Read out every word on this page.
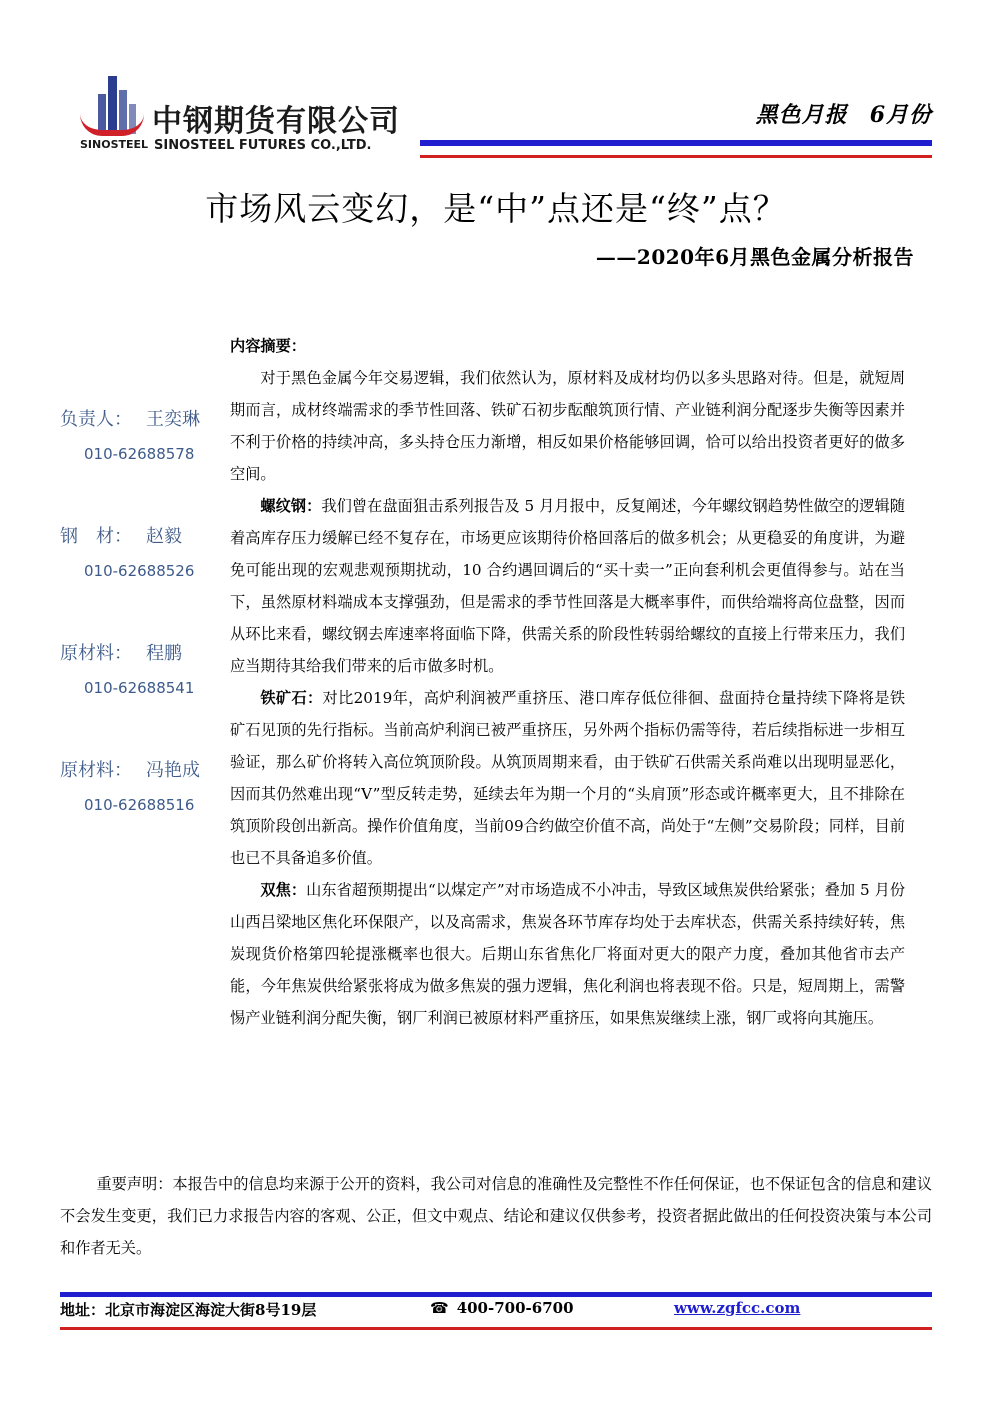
中钢期货有限公司
SINOSTEEL SINOSTEEL FUTURES CO.,LTD.
黑色月报 6月份
市场风云变幻，是“中”点还是“终”点？
——2020年6月黑色金属分析报告
负责人： 王奕琳
010-62688578
钢　材： 赵毅
010-62688526
原材料： 程鹏
010-62688541
原材料： 冯艳成
010-62688516

内容摘要：

对于黑色金属今年交易逻辑，我们依然认为，原材料及成材均仍以多头思路对待。但是，就短周期而言，成材终端需求的季节性回落、铁矿石初步酝酿筑顶行情、产业链利润分配逐步失衡等因素并不利于价格的持续冲高，多头持仓压力渐增，相反如果价格能够回调，恰可以给出投资者更好的做多空间。

螺纹钢：我们曾在盘面狙击系列报告及 5 月月报中，反复阐述，今年螺纹钢趋势性做空的逻辑随着高库存压力缓解已经不复存在，市场更应该期待价格回落后的做多机会；从更稳妥的角度讲，为避免可能出现的宏观悲观预期扰动，10 合约遇回调后的“买十卖一”正向套利机会更值得参与。站在当下，虽然原材料端成本支撑强劲，但是需求的季节性回落是大概率事件，而供给端将高位盘整，因而从环比来看，螺纹钢去库速率将面临下降，供需关系的阶段性转弱给螺纹的直接上行带来压力，我们应当期待其给我们带来的后市做多时机。

铁矿石：对比2019年，高炉利润被严重挤压、港口库存低位徘徊、盘面持仓量持续下降将是铁矿石见顶的先行指标。当前高炉利润已被严重挤压，另外两个指标仍需等待，若后续指标进一步相互验证，那么矿价将转入高位筑顶阶段。从筑顶周期来看，由于铁矿石供需关系尚难以出现明显恶化，因而其仍然难出现“V”型反转走势，延续去年为期一个月的“头肩顶”形态或许概率更大，且不排除在筑顶阶段创出新高。操作价值角度，当前09合约做空价值不高，尚处于“左侧”交易阶段；同样，目前也已不具备追多价值。

双焦：山东省超预期提出“以煤定产”对市场造成不小冲击，导致区域焦炭供给紧张；叠加 5 月份山西吕梁地区焦化环保限产，以及高需求，焦炭各环节库存均处于去库状态，供需关系持续好转，焦炭现货价格第四轮提涨概率也很大。后期山东省焦化厂将面对更大的限产力度，叠加其他省市去产能，今年焦炭供给紧张将成为做多焦炭的强力逻辑，焦化利润也将表现不俗。只是，短周期上，需警惕产业链利润分配失衡，钢厂利润已被原材料严重挤压，如果焦炭继续上涨，钢厂或将向其施压。

重要声明：本报告中的信息均来源于公开的资料，我公司对信息的准确性及完整性不作任何保证，也不保证包含的信息和建议不会发生变更，我们已力求报告内容的客观、公正，但文中观点、结论和建议仅供参考，投资者据此做出的任何投资决策与本公司和作者无关。

地址：北京市海淀区海淀大街8号19层	☎ 400-700-6700	www.zgfcc.com
